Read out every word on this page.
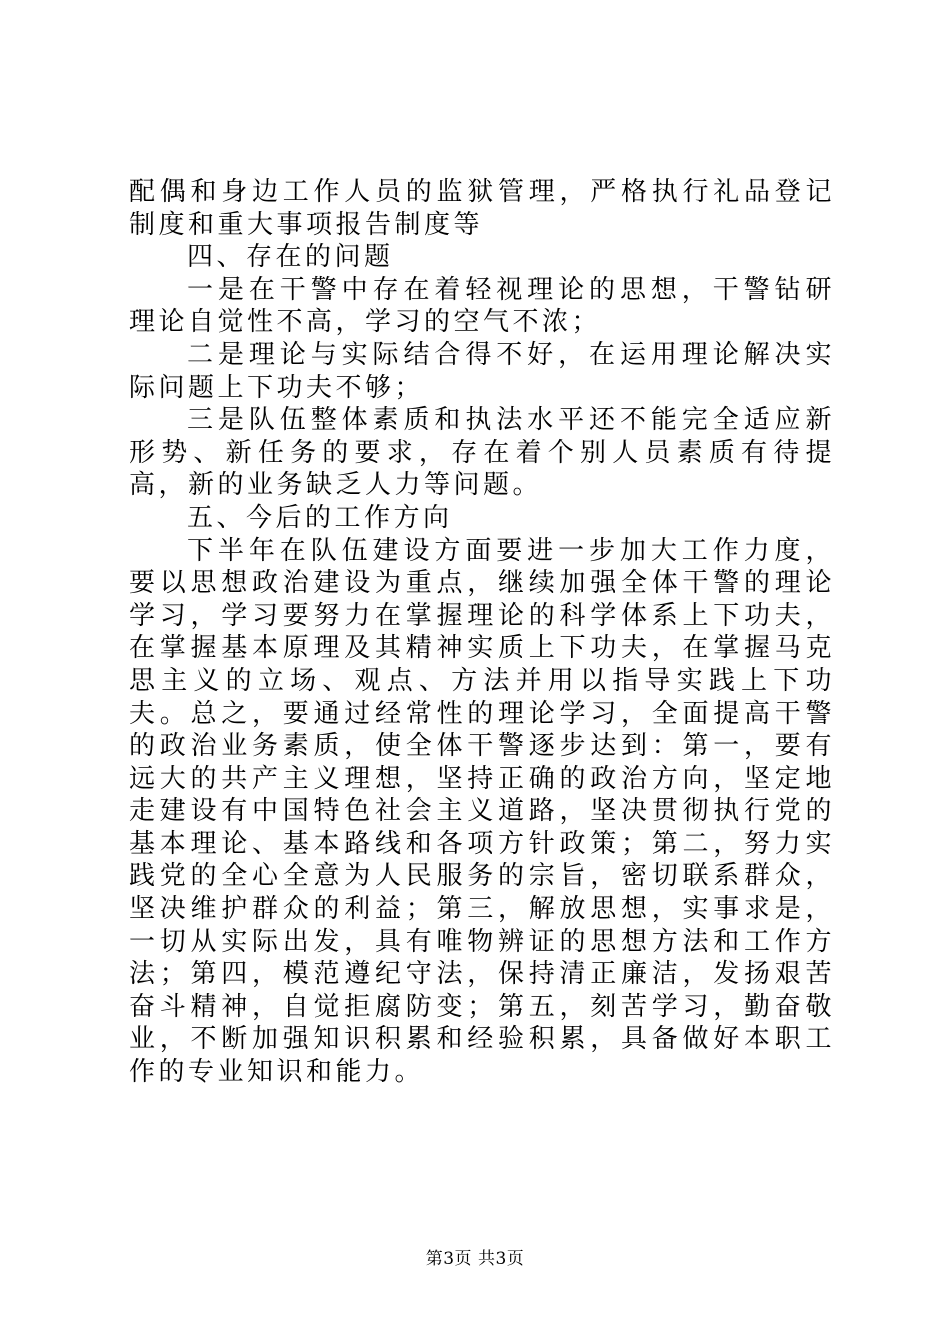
配偶和身边工作人员的监狱管理，严格执行礼品登记制度和重大事项报告制度等

四、存在的问题

一是在干警中存在着轻视理论的思想，干警钻研理论自觉性不高，学习的空气不浓；

二是理论与实际结合得不好，在运用理论解决实际问题上下功夫不够；

三是队伍整体素质和执法水平还不能完全适应新形势、新任务的要求，存在着个别人员素质有待提高，新的业务缺乏人力等问题。

五、今后的工作方向

下半年在队伍建设方面要进一步加大工作力度，要以思想政治建设为重点，继续加强全体干警的理论学习，学习要努力在掌握理论的科学体系上下功夫，在掌握基本原理及其精神实质上下功夫，在掌握马克思主义的立场、观点、方法并用以指导实践上下功夫。总之，要通过经常性的理论学习，全面提高干警的政治业务素质，使全体干警逐步达到：第一，要有远大的共产主义理想，坚持正确的政治方向，坚定地走建设有中国特色社会主义道路，坚决贯彻执行党的基本理论、基本路线和各项方针政策；第二，努力实践党的全心全意为人民服务的宗旨，密切联系群众，坚决维护群众的利益；第三，解放思想，实事求是，一切从实际出发，具有唯物辨证的思想方法和工作方法；第四，模范遵纪守法，保持清正廉洁，发扬艰苦奋斗精神，自觉拒腐防变；第五，刻苦学习，勤奋敬业，不断加强知识积累和经验积累，具备做好本职工作的专业知识和能力。

第3页 共3页
